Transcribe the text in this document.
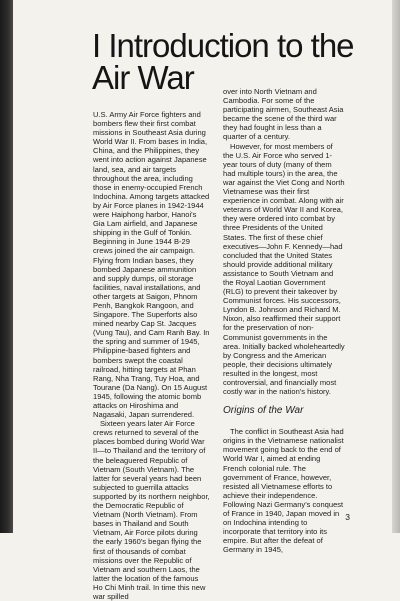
I Introduction to the Air War

U.S. Army Air Force fighters and bombers flew their first combat missions in Southeast Asia during World War II. From bases in India, China, and the Philippines, they went into action against Japanese land, sea, and air targets throughout the area, including those in enemy-occupied French Indochina. Among targets attacked by Air Force planes in 1942-1944 were Haiphong harbor, Hanoi's Gia Lam airfield, and Japanese shipping in the Gulf of Tonkin. Beginning in June 1944 B-29 crews joined the air campaign. Flying from Indian bases, they bombed Japanese ammunition and supply dumps, oil storage facilities, naval installations, and other targets at Saigon, Phnom Penh, Bangkok Rangoon, and Singapore. The Superforts also mined nearby Cap St. Jacques (Vung Tau), and Cam Ranh Bay. In the spring and summer of 1945, Philippine-based fighters and bombers swept the coastal railroad, hitting targets at Phan Rang, Nha Trang, Tuy Hoa, and Tourane (Da Nang). On 15 August 1945, following the atomic bomb attacks on Hiroshima and Nagasaki, Japan surrendered.

Sixteen years later Air Force crews returned to several of the places bombed during World War II—to Thailand and the territory of the beleaguered Republic of Vietnam (South Vietnam). The latter for several years had been subjected to guerrilla attacks supported by its northern neighbor, the Democratic Republic of Vietnam (North Vietnam). From bases in Thailand and South Vietnam, Air Force pilots during the early 1960's began flying the first of thousands of combat missions over the Republic of Vietnam and southern Laos, the latter the location of the famous Ho Chi Minh trail. In time this new war spilled

over into North Vietnam and Cambodia. For some of the participating airmen, Southeast Asia became the scene of the third war they had fought in less than a quarter of a century.

However, for most members of the U.S. Air Force who served 1-year tours of duty (many of them had multiple tours) in the area, the war against the Viet Cong and North Vietnamese was their first experience in combat. Along with air veterans of World War II and Korea, they were ordered into combat by three Presidents of the United States. The first of these chief executives—John F. Kennedy—had concluded that the United States should provide additional military assistance to South Vietnam and the Royal Laotian Government (RLG) to prevent their takeover by Communist forces. His successors, Lyndon B. Johnson and Richard M. Nixon, also reaffirmed their support for the preservation of non-Communist governments in the area. Initially backed wholeheartedly by Congress and the American people, their decisions ultimately resulted in the longest, most controversial, and financially most costly war in the nation's history.

Origins of the War

The conflict in Southeast Asia had origins in the Vietnamese nationalist movement going back to the end of World War I, aimed at ending French colonial rule. The government of France, however, resisted all Vietnamese efforts to achieve their independence. Following Nazi Germany's conquest of France in 1940, Japan moved in on Indochina intending to incorporate that territory into its empire. But after the defeat of Germany in 1945,

3
